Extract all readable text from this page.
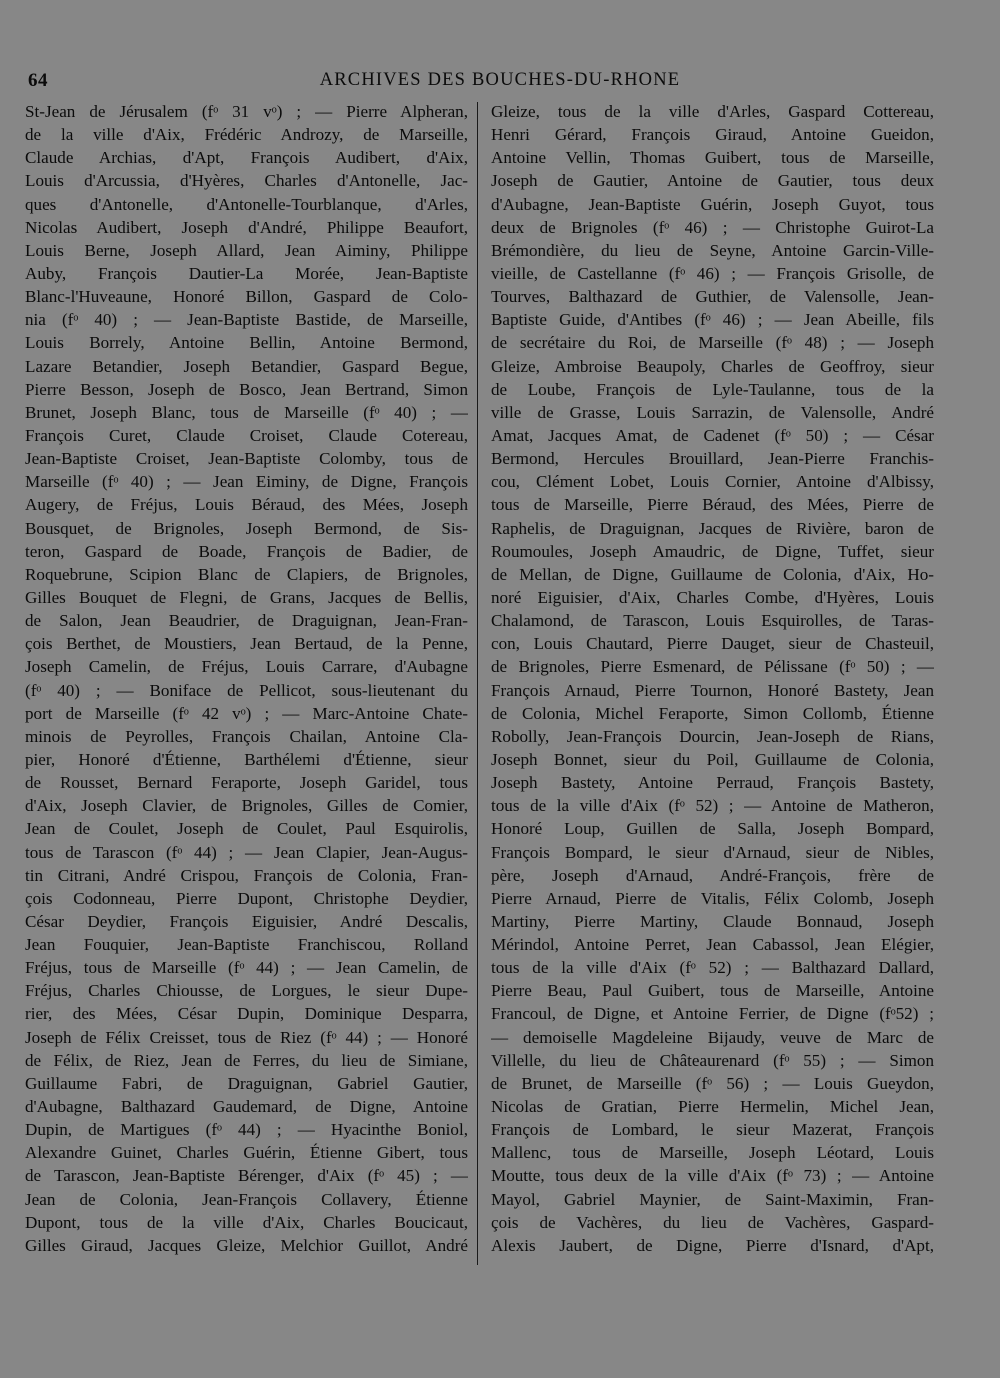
64	ARCHIVES DES BOUCHES-DU-RHONE
St-Jean de Jérusalem (fᵒ 31 vᵒ) ; — Pierre Alpheran,
de la ville d'Aix, Frédéric Androzy, de Marseille,
Claude Archias, d'Apt, François Audibert, d'Aix,
Louis d'Arcussia, d'Hyères, Charles d'Antonelle, Jac-
ques d'Antonelle, d'Antonelle-Tourblanque, d'Arles,
Nicolas Audibert, Joseph d'André, Philippe Beaufort,
Louis Berne, Joseph Allard, Jean Aiminy, Philippe
Auby, François Dautier-La Morée, Jean-Baptiste
Blanc-l'Huveaune, Honoré Billon, Gaspard de Colo-
nia (fᵒ 40) ; — Jean-Baptiste Bastide, de Marseille,
Louis Borrely, Antoine Bellin, Antoine Bermond,
Lazare Betandier, Joseph Betandier, Gaspard Begue,
Pierre Besson, Joseph de Bosco, Jean Bertrand, Simon
Brunet, Joseph Blanc, tous de Marseille (fᵒ 40) ; —
François Curet, Claude Croiset, Claude Cotereau,
Jean-Baptiste Croiset, Jean-Baptiste Colomby, tous de
Marseille (fᵒ 40) ; — Jean Eiminy, de Digne, François
Augery, de Fréjus, Louis Béraud, des Mées, Joseph
Bousquet, de Brignoles, Joseph Bermond, de Sis-
teron, Gaspard de Boade, François de Badier, de
Roquebrune, Scipion Blanc de Clapiers, de Brignoles,
Gilles Bouquet de Flegni, de Grans, Jacques de Bellis,
de Salon, Jean Beaudrier, de Draguignan, Jean-Fran-
çois Berthet, de Moustiers, Jean Bertaud, de la Penne,
Joseph Camelin, de Fréjus, Louis Carrare, d'Aubagne
(fᵒ 40) ; — Boniface de Pellicot, sous-lieutenant du
port de Marseille (fᵒ 42 vᵒ) ; — Marc-Antoine Chate-
minois de Peyrolles, François Chailan, Antoine Cla-
pier, Honoré d'Étienne, Barthélemi d'Étienne, sieur
de Rousset, Bernard Feraporte, Joseph Garidel, tous
d'Aix, Joseph Clavier, de Brignoles, Gilles de Comier,
Jean de Coulet, Joseph de Coulet, Paul Esquirolis,
tous de Tarascon (fᵒ 44) ; — Jean Clapier, Jean-Augus-
tin Citrani, André Crispou, François de Colonia, Fran-
çois Codonneau, Pierre Dupont, Christophe Deydier,
César Deydier, François Eiguisier, André Descalis,
Jean Fouquier, Jean-Baptiste Franchiscou, Rolland
Fréjus, tous de Marseille (fᵒ 44) ; — Jean Camelin, de
Fréjus, Charles Chiousse, de Lorgues, le sieur Dupe-
rier, des Mées, César Dupin, Dominique Desparra,
Joseph de Félix Creisset, tous de Riez (fᵒ 44) ; — Honoré
de Félix, de Riez, Jean de Ferres, du lieu de Simiane,
Guillaume Fabri, de Draguignan, Gabriel Gautier,
d'Aubagne, Balthazard Gaudemard, de Digne, Antoine
Dupin, de Martigues (fᵒ 44) ; — Hyacinthe Boniol,
Alexandre Guinet, Charles Guérin, Étienne Gibert, tous
de Tarascon, Jean-Baptiste Bérenger, d'Aix (fᵒ 45) ; —
Jean de Colonia, Jean-François Collavery, Étienne
Dupont, tous de la ville d'Aix, Charles Boucicaut,
Gilles Giraud, Jacques Gleize, Melchior Guillot, André
Gleize, tous de la ville d'Arles, Gaspard Cottereau,
Henri Gérard, François Giraud, Antoine Gueidon,
Antoine Vellin, Thomas Guibert, tous de Marseille,
Joseph de Gautier, Antoine de Gautier, tous deux
d'Aubagne, Jean-Baptiste Guérin, Joseph Guyot, tous
deux de Brignoles (fᵒ 46) ; — Christophe Guirot-La
Brémondière, du lieu de Seyne, Antoine Garcin-Ville-
vieille, de Castellanne (fᵒ 46) ; — François Grisolle, de
Tourves, Balthazard de Guthier, de Valensolle, Jean-
Baptiste Guide, d'Antibes (fᵒ 46) ; — Jean Abeille, fils
de secrétaire du Roi, de Marseille (fᵒ 48) ; — Joseph
Gleize, Ambroise Beaupoly, Charles de Geoffroy, sieur
de Loube, François de Lyle-Taulanne, tous de la
ville de Grasse, Louis Sarrazin, de Valensolle, André
Amat, Jacques Amat, de Cadenet (fᵒ 50) ; — César
Bermond, Hercules Brouillard, Jean-Pierre Franchis-
cou, Clément Lobet, Louis Cornier, Antoine d'Albissy,
tous de Marseille, Pierre Béraud, des Mées, Pierre de
Raphelis, de Draguignan, Jacques de Rivière, baron de
Roumoules, Joseph Amaudric, de Digne, Tuffet, sieur
de Mellan, de Digne, Guillaume de Colonia, d'Aix, Ho-
noré Eiguisier, d'Aix, Charles Combe, d'Hyères, Louis
Chalamond, de Tarascon, Louis Esquirolles, de Taras-
con, Louis Chautard, Pierre Dauget, sieur de Chasteuil,
de Brignoles, Pierre Esmenard, de Pélissane (fᵒ 50) ; —
François Arnaud, Pierre Tournon, Honoré Bastety, Jean
de Colonia, Michel Feraporte, Simon Collomb, Étienne
Robolly, Jean-François Dourcin, Jean-Joseph de Rians,
Joseph Bonnet, sieur du Poil, Guillaume de Colonia,
Joseph Bastety, Antoine Perraud, François Bastety,
tous de la ville d'Aix (fᵒ 52) ; — Antoine de Matheron,
Honoré Loup, Guillen de Salla, Joseph Bompard,
François Bompard, le sieur d'Arnaud, sieur de Nibles,
père, Joseph d'Arnaud, André-François, frère de
Pierre Arnaud, Pierre de Vitalis, Félix Colomb, Joseph
Martiny, Pierre Martiny, Claude Bonnaud, Joseph
Mérindol, Antoine Perret, Jean Cabassol, Jean Elégier,
tous de la ville d'Aix (fᵒ 52) ; — Balthazard Dallard,
Pierre Beau, Paul Guibert, tous de Marseille, Antoine
Francoul, de Digne, et Antoine Ferrier, de Digne (fᵒ52) ;
— demoiselle Magdeleine Bijaudy, veuve de Marc de
Villelle, du lieu de Châteaurenard (fᵒ 55) ; — Simon
de Brunet, de Marseille (fᵒ 56) ; — Louis Gueydon,
Nicolas de Gratian, Pierre Hermelin, Michel Jean,
François de Lombard, le sieur Mazerat, François
Mallenc, tous de Marseille, Joseph Léotard, Louis
Moutte, tous deux de la ville d'Aix (fᵒ 73) ; — Antoine
Mayol, Gabriel Maynier, de Saint-Maximin, Fran-
çois de Vachères, du lieu de Vachères, Gaspard-
Alexis Jaubert, de Digne, Pierre d'Isnard, d'Apt,
